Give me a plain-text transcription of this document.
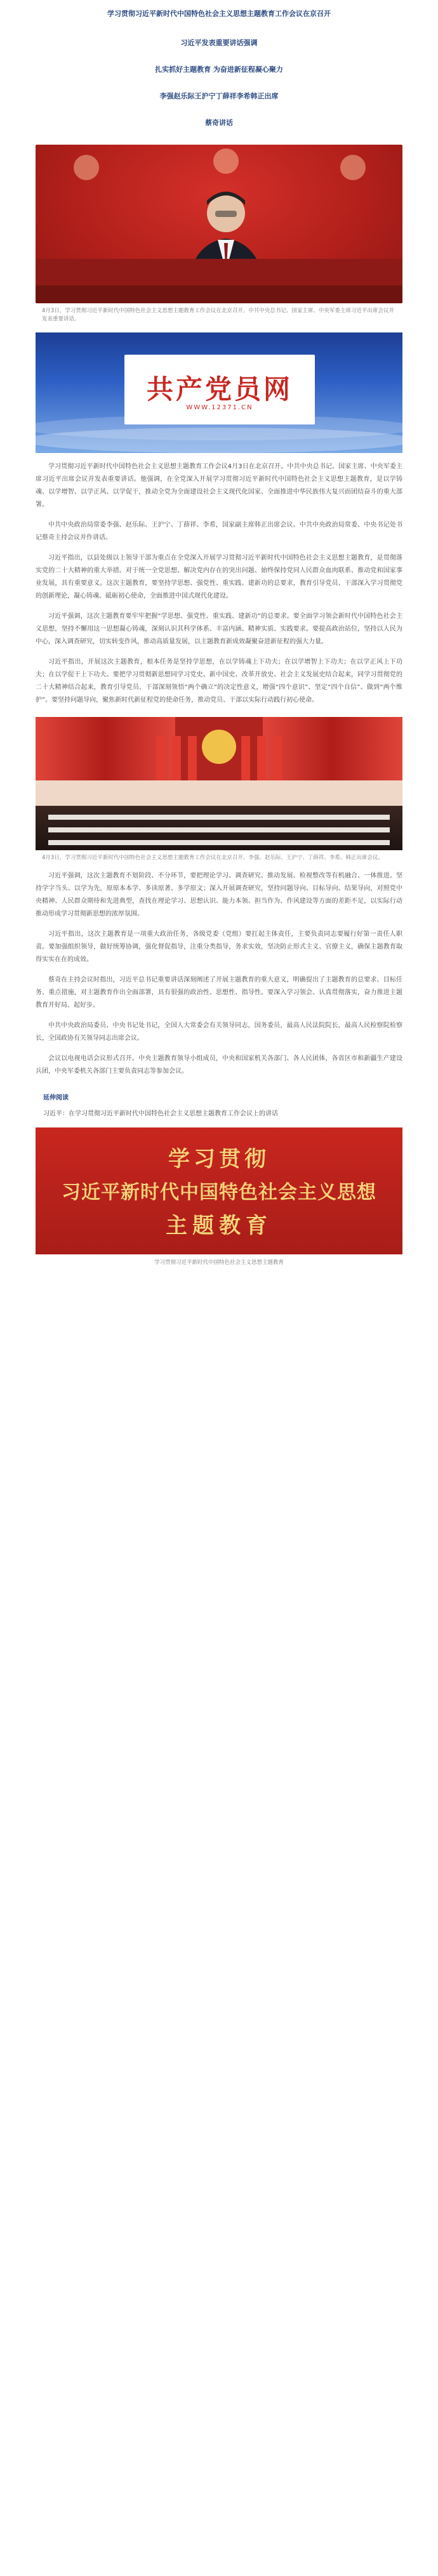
学习贯彻习近平新时代中国特色社会主义思想主题教育工作会议在京召开
习近平发表重要讲话强调
扎实抓好主题教育 为奋进新征程凝心聚力
李强赵乐际王沪宁丁薛祥李希韩正出席
蔡奇讲话
4月3日，学习贯彻习近平新时代中国特色社会主义思想主题教育工作会议在北京召开。中共中央总书记、国家主席、中央军委主席习近平出席会议并发表重要讲话。
共产党员网
WWW.12371.CN

学习贯彻习近平新时代中国特色社会主义思想主题教育工作会议4月3日在北京召开。中共中央总书记、国家主席、中央军委主席习近平出席会议并发表重要讲话。他强调，在全党深入开展学习贯彻习近平新时代中国特色社会主义思想主题教育，是以学铸魂、以学增智、以学正风、以学促干，推动全党为全面建设社会主义现代化国家、全面推进中华民族伟大复兴而团结奋斗的重大部署。

中共中央政治局常委李强、赵乐际、王沪宁、丁薛祥、李希，国家副主席韩正出席会议。中共中央政治局常委、中央书记处书记蔡奇主持会议并作讲话。

习近平指出，以县处级以上领导干部为重点在全党深入开展学习贯彻习近平新时代中国特色社会主义思想主题教育，是贯彻落实党的二十大精神的重大举措。对于统一全党思想、解决党内存在的突出问题、始终保持党同人民群众血肉联系、推动党和国家事业发展，具有重要意义。这次主题教育，要坚持学思想、强党性、重实践、建新功的总要求，教育引导党员、干部深入学习贯彻党的创新理论，凝心铸魂、砥砺初心使命，全面推进中国式现代化建设。

习近平强调，这次主题教育要牢牢把握“学思想、强党性、重实践、建新功”的总要求。要全面学习领会新时代中国特色社会主义思想，坚持不懈用这一思想凝心铸魂，深刻认识其科学体系、丰富内涵、精神实质、实践要求。要提高政治站位，坚持以人民为中心，深入调查研究，切实转变作风，推动高质量发展，以主题教育新成效凝聚奋进新征程的强大力量。

习近平指出，开展这次主题教育，根本任务是坚持学思想，在以学铸魂上下功夫；在以学增智上下功夫；在以学正风上下功夫；在以学促干上下功夫。要把学习贯彻新思想同学习党史、新中国史、改革开放史、社会主义发展史结合起来，同学习贯彻党的二十大精神结合起来，教育引导党员、干部深刻领悟“两个确立”的决定性意义，增强“四个意识”、坚定“四个自信”、做到“两个维护”。要坚持问题导向，聚焦新时代新征程党的使命任务，推动党员、干部以实际行动践行初心使命。

4月3日，学习贯彻习近平新时代中国特色社会主义思想主题教育工作会议在北京召开。李强、赵乐际、王沪宁、丁薛祥、李希、韩正出席会议。

习近平强调，这次主题教育不划阶段、不分环节，要把理论学习、调查研究、推动发展、检视整改等有机融合、一体推进。坚持学字当头、以学为先，原原本本学、多读原著、多学原文；深入开展调查研究，坚持问题导向、目标导向、结果导向，对照党中央精神、人民群众期待和先进典型，查找在理论学习、思想认识、能力本领、担当作为、作风建设等方面的差距不足，以实际行动推动形成学习贯彻新思想的浓厚氛围。

习近平指出，这次主题教育是一项重大政治任务，各级党委（党组）要扛起主体责任，主要负责同志要履行好第一责任人职责。要加强组织领导，做好统筹协调，强化督促指导，注重分类指导，务求实效，坚决防止形式主义、官僚主义，确保主题教育取得实实在在的成效。

蔡奇在主持会议时指出，习近平总书记重要讲话深刻阐述了开展主题教育的重大意义，明确提出了主题教育的总要求、目标任务、重点措施，对主题教育作出全面部署，具有很强的政治性、思想性、指导性。要深入学习领会、认真贯彻落实，奋力推进主题教育开好局、起好步。

中共中央政治局委员、中央书记处书记，全国人大常委会有关领导同志，国务委员，最高人民法院院长，最高人民检察院检察长，全国政协有关领导同志出席会议。

会议以电视电话会议形式召开。中央主题教育领导小组成员，中央和国家机关各部门、各人民团体，各省区市和新疆生产建设兵团，中央军委机关各部门主要负责同志等参加会议。

延伸阅读
习近平：在学习贯彻习近平新时代中国特色社会主义思想主题教育工作会议上的讲话
学习贯彻
习近平新时代中国特色社会主义思想
主题教育
学习贯彻习近平新时代中国特色社会主义思想主题教育
